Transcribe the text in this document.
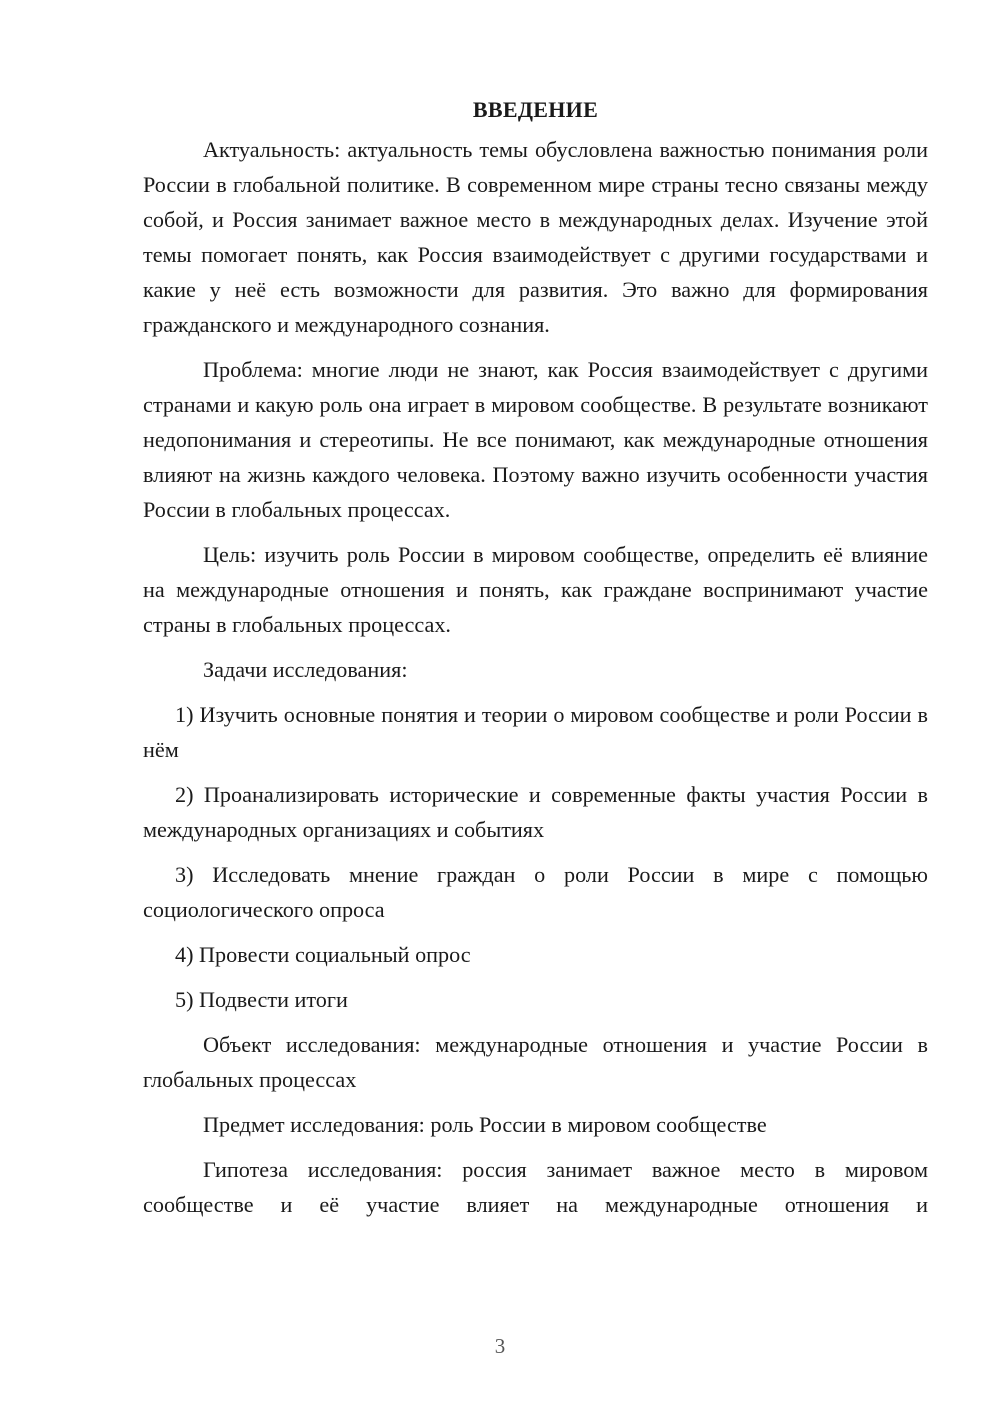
ВВЕДЕНИЕ

Актуальность: актуальность темы обусловлена важностью понимания роли России в глобальной политике. В современном мире страны тесно связаны между собой, и Россия занимает важное место в международных делах. Изучение этой темы помогает понять, как Россия взаимодействует с другими государствами и какие у неё есть возможности для развития. Это важно для формирования гражданского и международного сознания.

Проблема: многие люди не знают, как Россия взаимодействует с другими странами и какую роль она играет в мировом сообществе. В результате возникают недопонимания и стереотипы. Не все понимают, как международные отношения влияют на жизнь каждого человека. Поэтому важно изучить особенности участия России в глобальных процессах.

Цель: изучить роль России в мировом сообществе, определить её влияние на международные отношения и понять, как граждане воспринимают участие страны в глобальных процессах.

Задачи исследования:

1) Изучить основные понятия и теории о мировом сообществе и роли России в нём

2) Проанализировать исторические и современные факты участия России в международных организациях и событиях

3) Исследовать мнение граждан о роли России в мире с помощью социологического опроса

4) Провести социальный опрос

5) Подвести итоги

Объект исследования: международные отношения и участие России в глобальных процессах

Предмет исследования: роль России в мировом сообществе

Гипотеза исследования: россия занимает важное место в мировом сообществе и её участие влияет на международные отношения и

3
